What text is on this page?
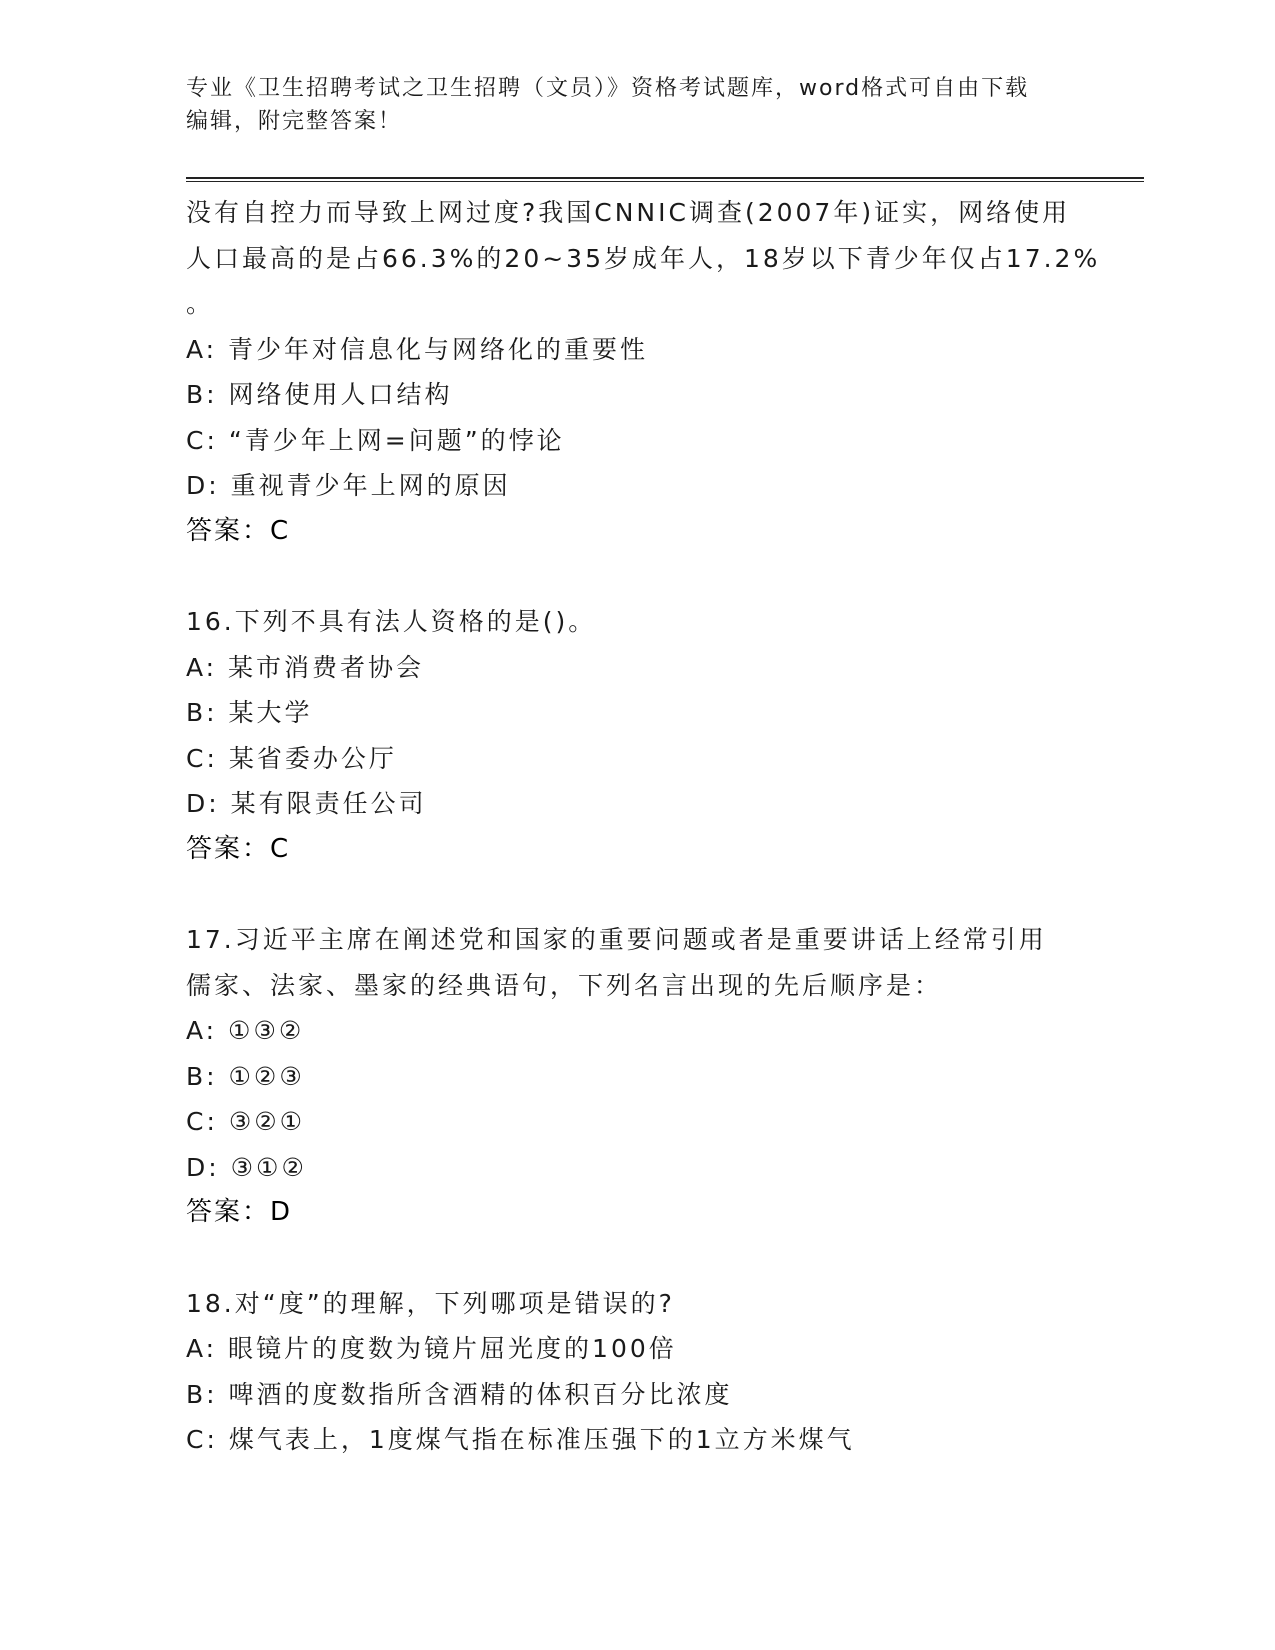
专业《卫生招聘考试之卫生招聘（文员）》资格考试题库，word格式可自由下载
编辑，附完整答案！
没有自控力而导致上网过度?我国CNNIC调查(2007年)证实，网络使用
人口最高的是占66.3%的20~35岁成年人，18岁以下青少年仅占17.2%
。
A: 青少年对信息化与网络化的重要性
B: 网络使用人口结构
C: “青少年上网=问题”的悖论
D: 重视青少年上网的原因
答案：C
16.下列不具有法人资格的是()。
A: 某市消费者协会
B: 某大学
C: 某省委办公厅
D: 某有限责任公司
答案：C
17.习近平主席在阐述党和国家的重要问题或者是重要讲话上经常引用
儒家、法家、墨家的经典语句，下列名言出现的先后顺序是：
A: ①③②
B: ①②③
C: ③②①
D: ③①②
答案：D
18.对“度”的理解，下列哪项是错误的?
A: 眼镜片的度数为镜片屈光度的100倍
B: 啤酒的度数指所含酒精的体积百分比浓度
C: 煤气表上，1度煤气指在标准压强下的1立方米煤气
